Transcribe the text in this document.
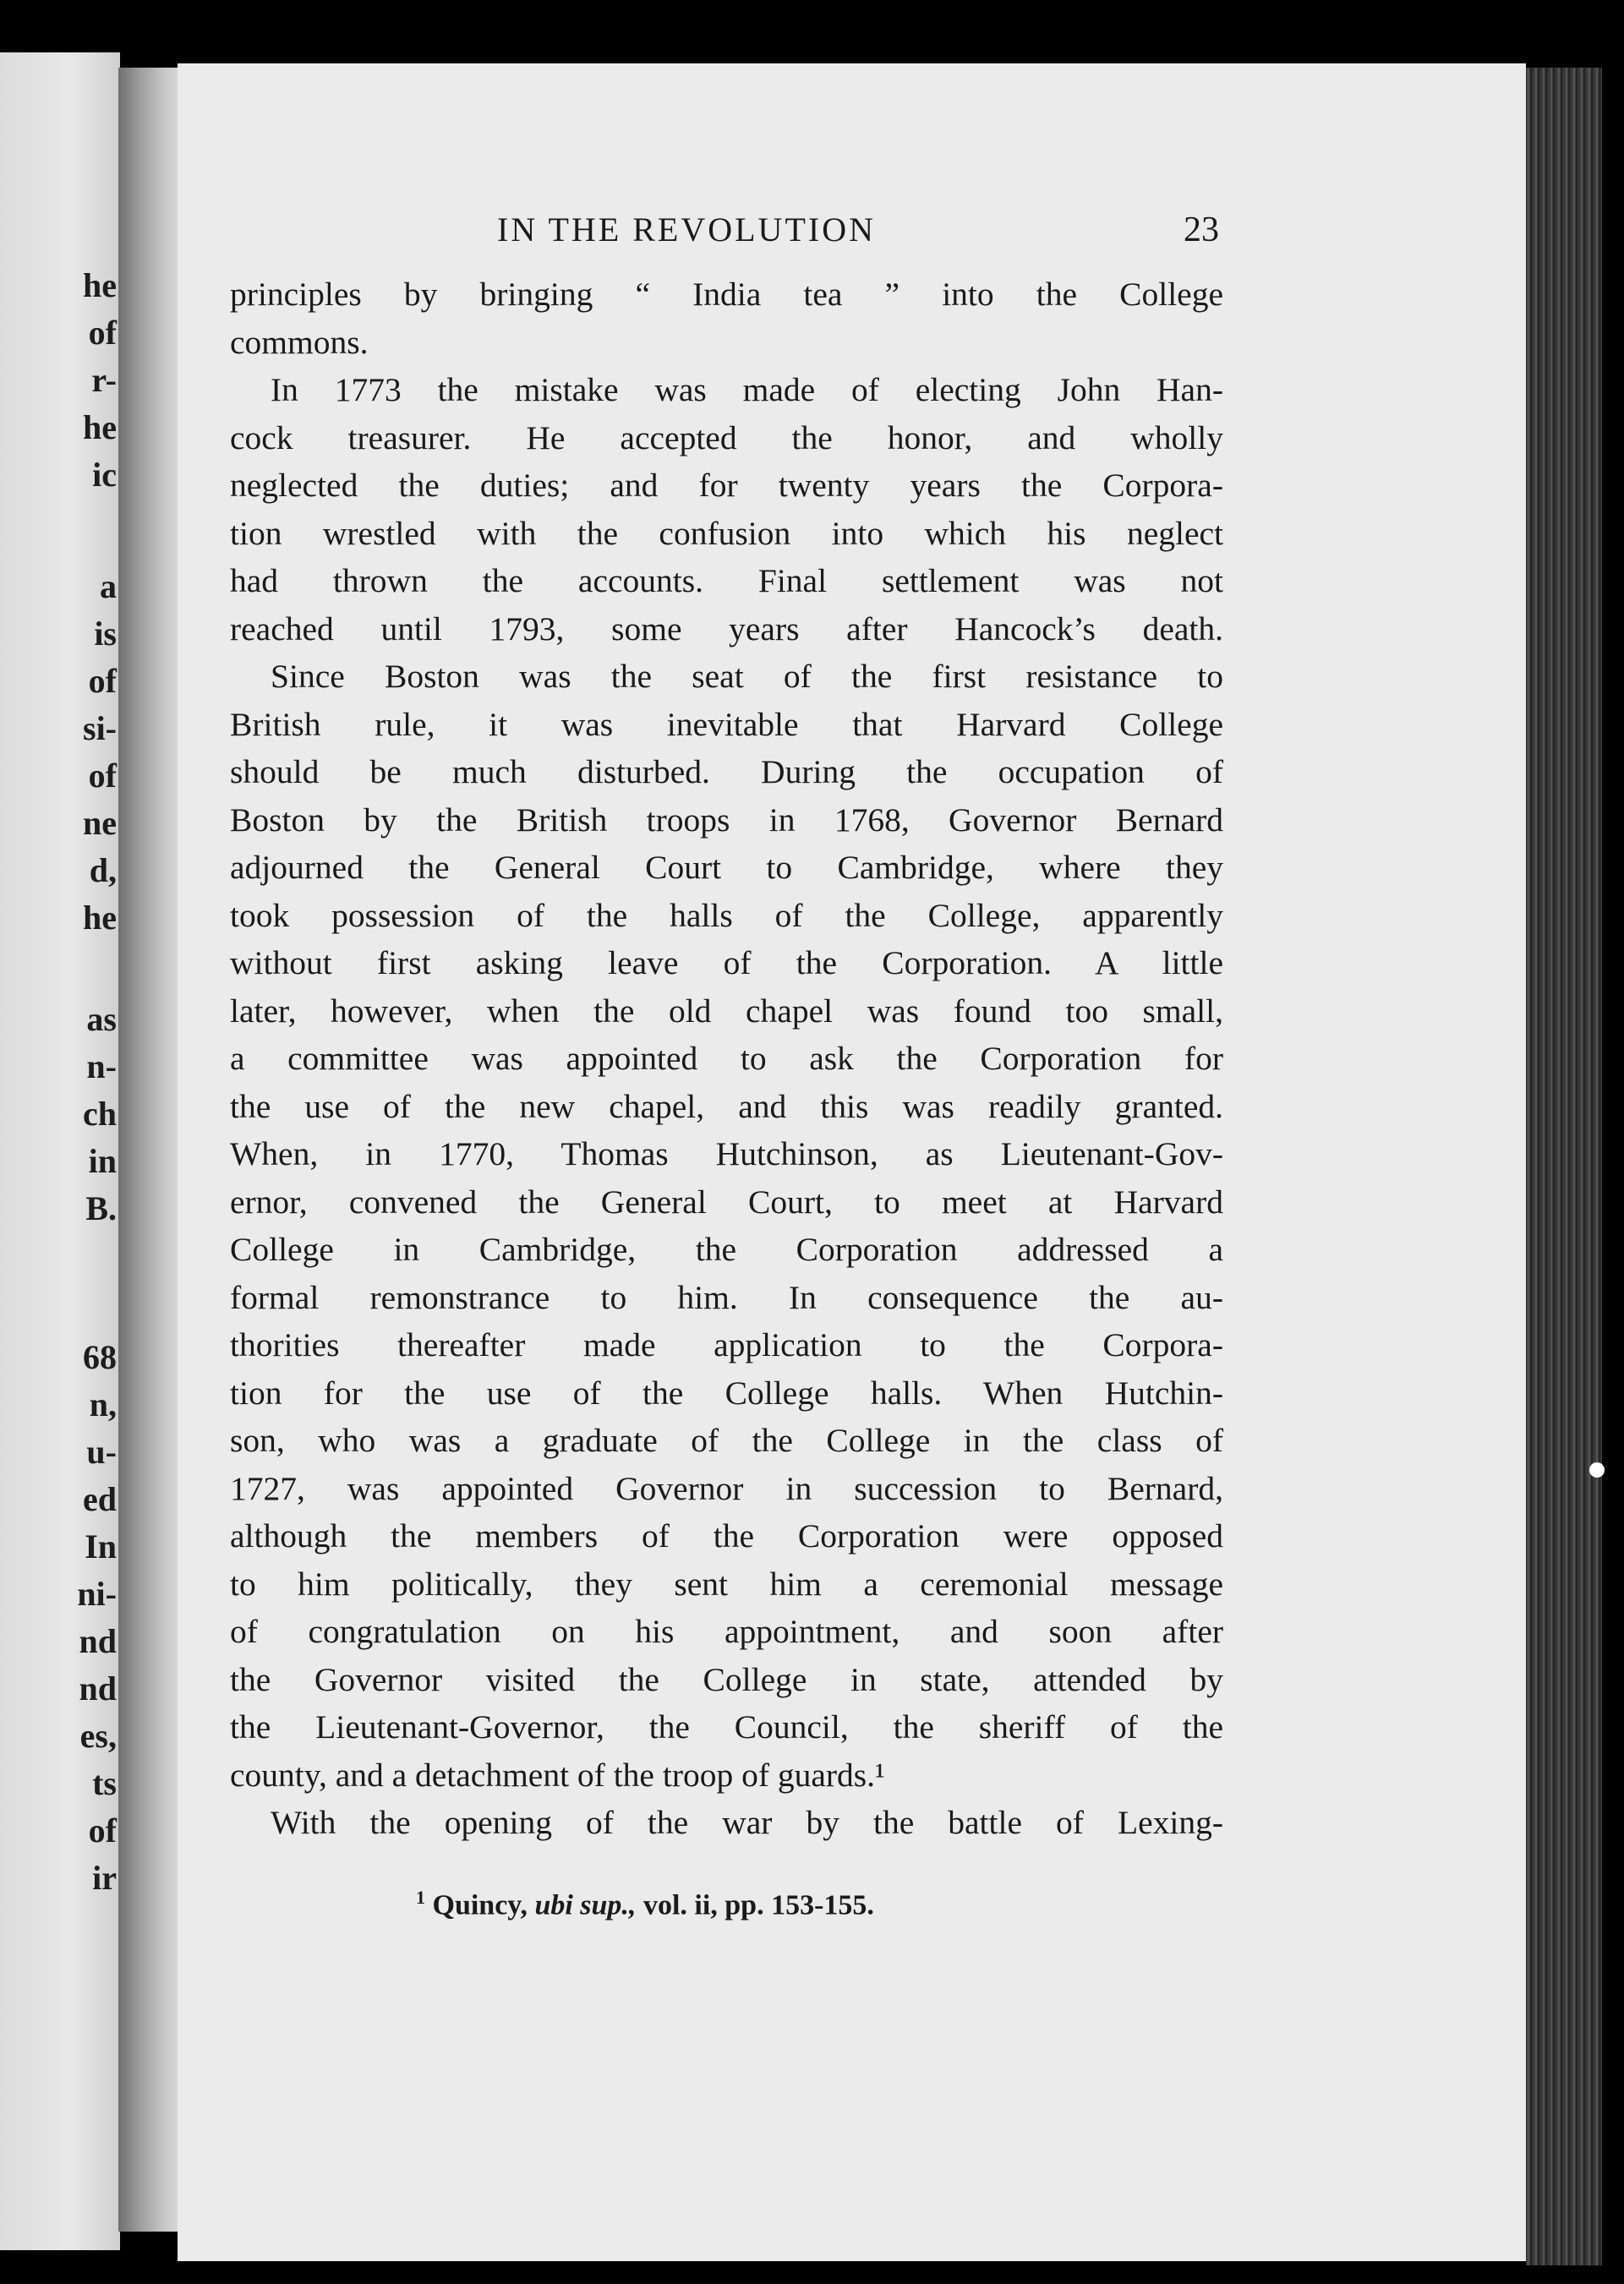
he
of
r-
he
ic
a
is
of
si-
of
ne
d,
he
as
n-
ch
in
B.
68
n,
u-
ed
In
ni-
nd
nd
es,
ts
of
ir
IN THE REVOLUTION	23
principles by bringing “ India tea ” into the College
commons.
In 1773 the mistake was made of electing John Han-
cock treasurer. He accepted the honor, and wholly
neglected the duties; and for twenty years the Corpora-
tion wrestled with the confusion into which his neglect
had thrown the accounts. Final settlement was not
reached until 1793, some years after Hancock’s death.
Since Boston was the seat of the first resistance to
British rule, it was inevitable that Harvard College
should be much disturbed. During the occupation of
Boston by the British troops in 1768, Governor Bernard
adjourned the General Court to Cambridge, where they
took possession of the halls of the College, apparently
without first asking leave of the Corporation. A little
later, however, when the old chapel was found too small,
a committee was appointed to ask the Corporation for
the use of the new chapel, and this was readily granted.
When, in 1770, Thomas Hutchinson, as Lieutenant-Gov-
ernor, convened the General Court, to meet at Harvard
College in Cambridge, the Corporation addressed a
formal remonstrance to him. In consequence the au-
thorities thereafter made application to the Corpora-
tion for the use of the College halls. When Hutchin-
son, who was a graduate of the College in the class of
1727, was appointed Governor in succession to Bernard,
although the members of the Corporation were opposed
to him politically, they sent him a ceremonial message
of congratulation on his appointment, and soon after
the Governor visited the College in state, attended by
the Lieutenant-Governor, the Council, the sheriff of the
county, and a detachment of the troop of guards.¹
With the opening of the war by the battle of Lexing-
$^1$ Quincy, ubi sup., vol. ii, pp. 153-155.
